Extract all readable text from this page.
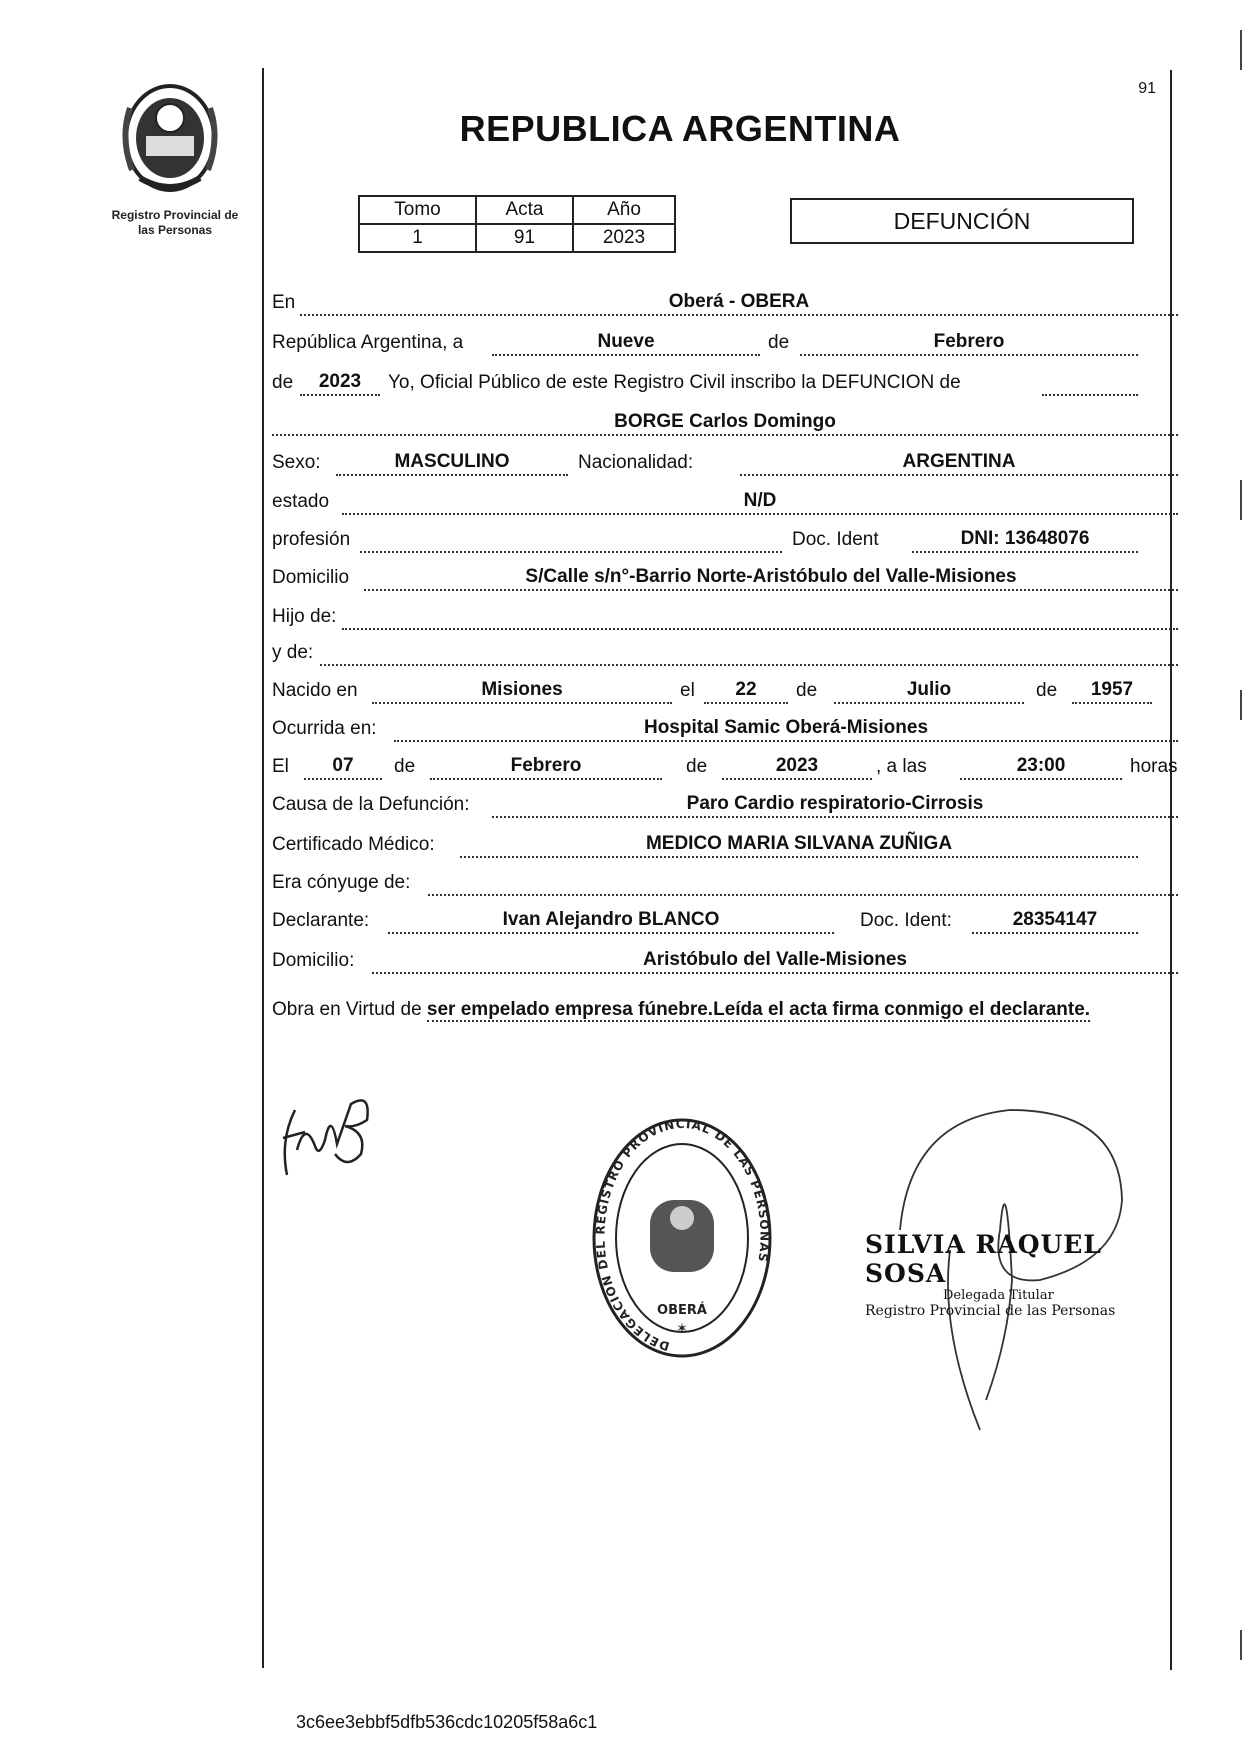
Registro Provincial de
las Personas
91
REPUBLICA ARGENTINA
Tomo	Acta	Año
1	91	2023
DEFUNCIÓN
En	Oberá - OBERA
República Argentina, a	Nueve	de	Febrero
de	2023	Yo, Oficial Público de este Registro Civil inscribo la DEFUNCION de
BORGE Carlos Domingo
Sexo:	MASCULINO	Nacionalidad:	ARGENTINA
estado	N/D
profesión	Doc. Ident	DNI: 13648076
Domicilio	S/Calle s/n°-Barrio Norte-Aristóbulo del Valle-Misiones
Hijo de:
y de:
Nacido en	Misiones	el	22	de	Julio	de	1957
Ocurrida en:	Hospital Samic Oberá-Misiones
El	07	de	Febrero	de	2023	, a las	23:00	horas
Causa de la Defunción:	Paro Cardio respiratorio-Cirrosis
Certificado Médico:	MEDICO MARIA SILVANA ZUÑIGA
Era cónyuge de:
Declarante:	Ivan Alejandro BLANCO	Doc. Ident:	28354147
Domicilio:	Aristóbulo del Valle-Misiones
Obra en Virtud de ser empelado empresa fúnebre.Leída el acta firma conmigo el declarante.
DELEGACION DEL REGISTRO PROVINCIAL DE LAS PERSONAS
OBERÁ
✶
SILVIA RAQUEL SOSA
Delegada Titular
Registro Provincial de las Personas
3c6ee3ebbf5dfb536cdc10205f58a6c1
